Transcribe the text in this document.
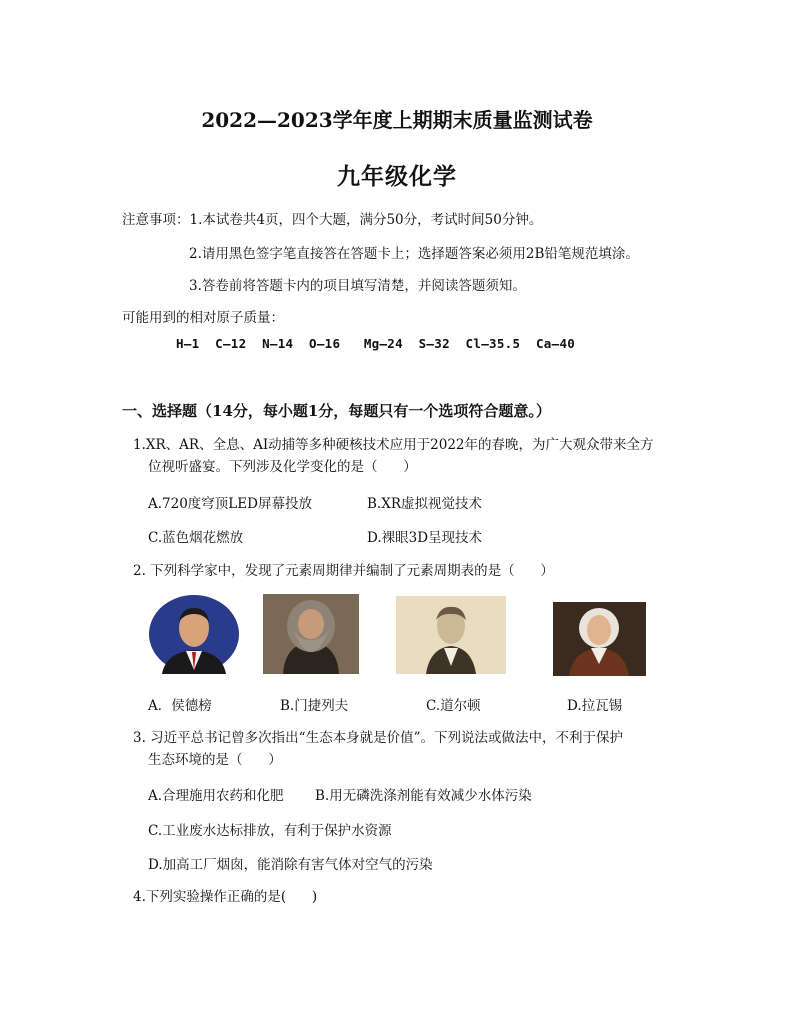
2022—2023学年度上期期末质量监测试卷
九年级化学
注意事项：1.本试卷共4页，四个大题，满分50分，考试时间50分钟。
2.请用黑色签字笔直接答在答题卡上；选择题答案必须用2B铅笔规范填涂。
3.答卷前将答题卡内的项目填写清楚，并阅读答题须知。
可能用到的相对原子质量：
H—1  C—12  N—14  O—16   Mg—24  S—32  Cl—35.5  Ca—40
一、选择题（14分，每小题1分，每题只有一个选项符合题意。）
1.XR、AR、全息、AI动捕等多种硬核技术应用于2022年的春晚，为广大观众带来全方
位视听盛宴。下列涉及化学变化的是（      ）
A.720度穹顶LED屏幕投放	B.XR虚拟视觉技术
C.蓝色烟花燃放	D.裸眼3D呈现技术
2. 下列科学家中，发现了元素周期律并编制了元素周期表的是（      ）
A．侯德榜	B.门捷列夫	C.道尔顿	D.拉瓦锡
3. 习近平总书记曾多次指出“生态本身就是价值”。下列说法或做法中，不利于保护
生态环境的是（      ）
A.合理施用农药和化肥 B.用无磷洗涤剂能有效减少水体污染
C.工业废水达标排放，有利于保护水资源
D.加高工厂烟囱，能消除有害气体对空气的污染
4.下列实验操作正确的是(      )
